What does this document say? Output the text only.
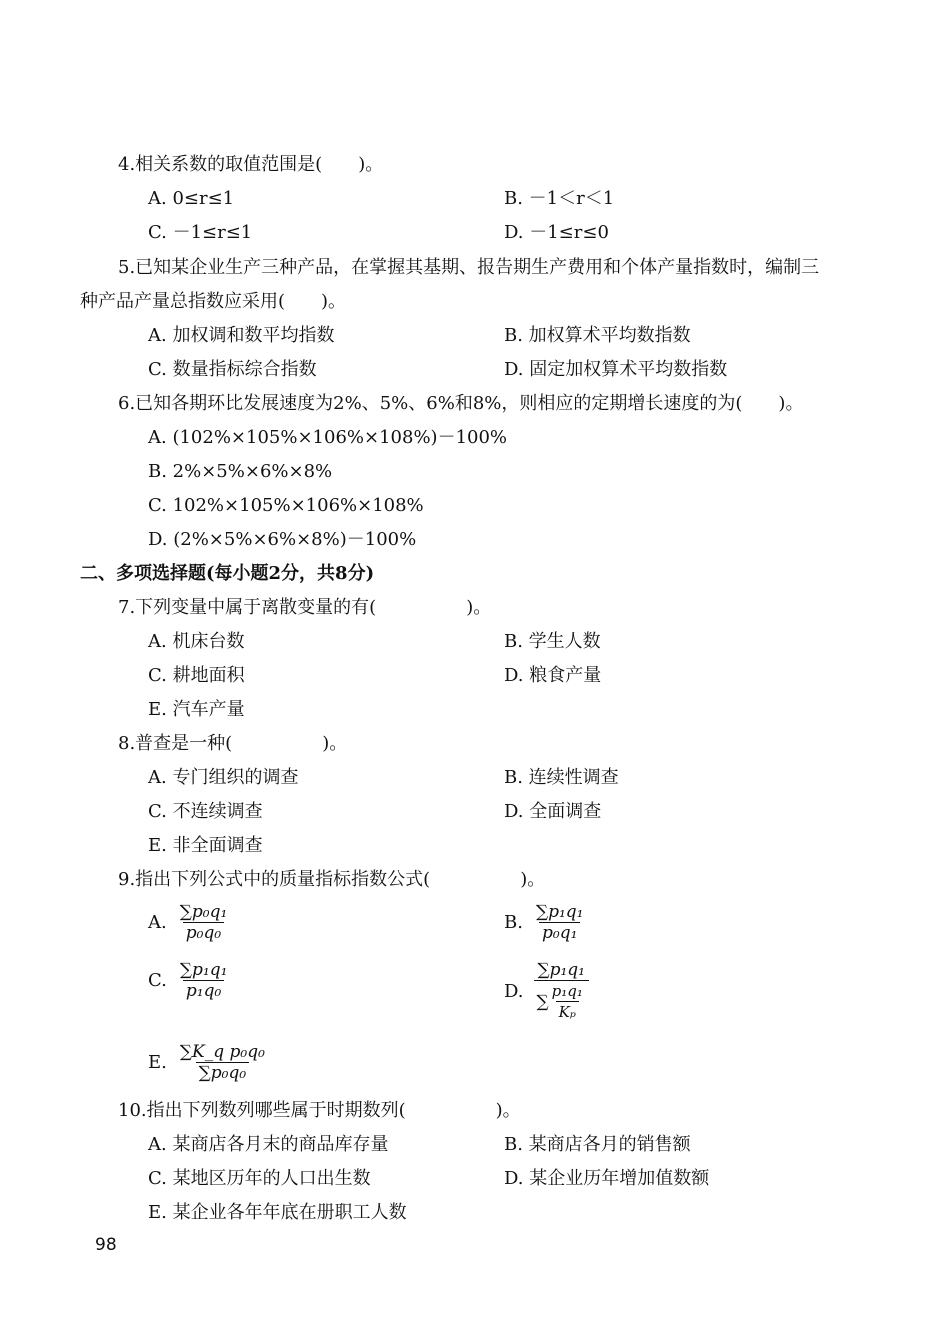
4.相关系数的取值范围是(　　)。
A. 0≤r≤1	B. －1＜r＜1
C. －1≤r≤1	D. －1≤r≤0
5.已知某企业生产三种产品，在掌握其基期、报告期生产费用和个体产量指数时，编制三
种产品产量总指数应采用(　　)。
A. 加权调和数平均指数	B. 加权算术平均数指数
C. 数量指标综合指数	D. 固定加权算术平均数指数
6.已知各期环比发展速度为2%、5%、6%和8%，则相应的定期增长速度的为(　　)。
A. (102%×105%×106%×108%)－100%
B. 2%×5%×6%×8%
C. 102%×105%×106%×108%
D. (2%×5%×6%×8%)－100%
二、多项选择题(每小题2分，共8分)
7.下列变量中属于离散变量的有(　　　　　)。
A. 机床台数	B. 学生人数
C. 耕地面积	D. 粮食产量
E. 汽车产量
8.普查是一种(　　　　　)。
A. 专门组织的调查	B. 连续性调查
C. 不连续调查	D. 全面调查
E. 非全面调查
9.指出下列公式中的质量指标指数公式(　　　　　)。
A. $\frac{\text{∑p₀q₁}}{\text{p₀q₀}}$	B. $\frac{\text{∑p₁q₁}}{\text{p₀q₁}}$
C. $\frac{\text{∑p₁q₁}}{\text{p₁q₀}}$	D. $\frac{\text{∑p₁q₁}}{\sum \frac{\text{p₁q₁}}{\text{Kₚ}}}$
E. $\frac{\text{∑K\_q p₀q₀}}{\text{∑p₀q₀}}$
10.指出下列数列哪些属于时期数列(　　　　　)。
A. 某商店各月末的商品库存量	B. 某商店各月的销售额
C. 某地区历年的人口出生数	D. 某企业历年增加值数额
E. 某企业各年年底在册职工人数
98
